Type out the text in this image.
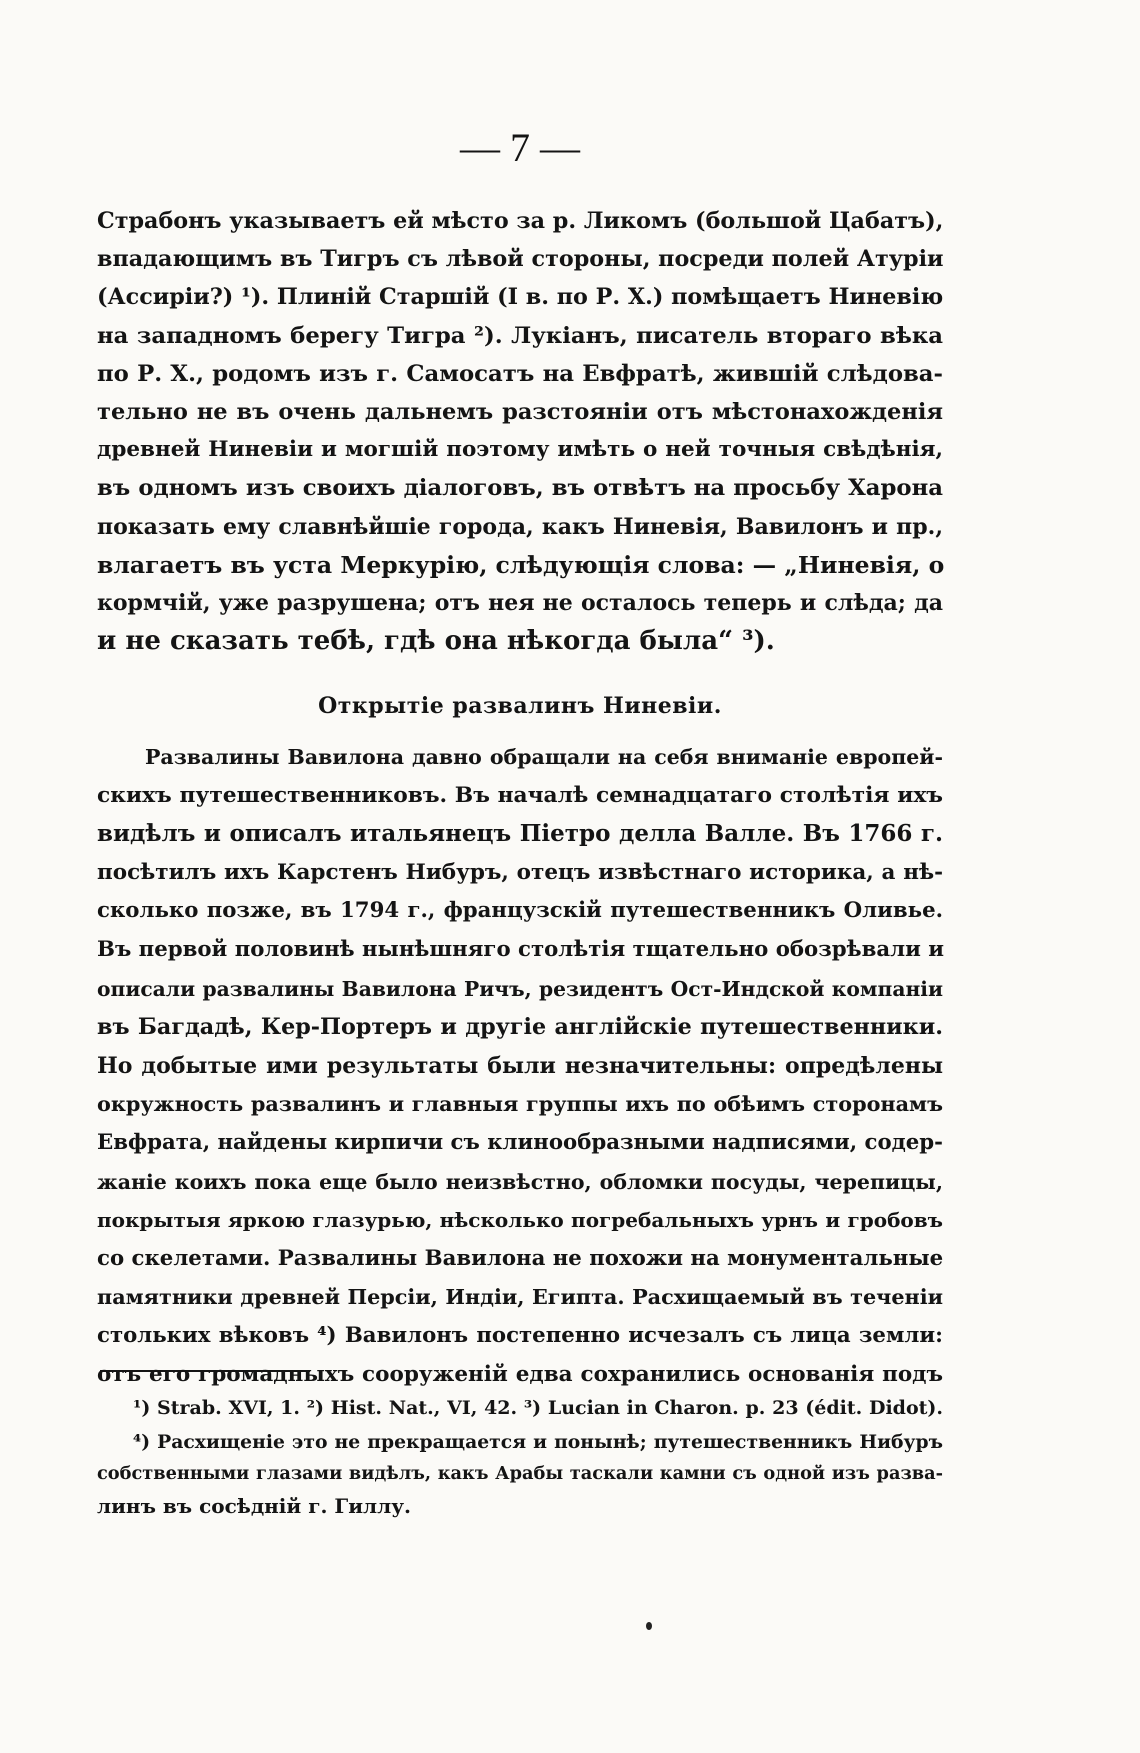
— 7 —
Страбонъ указываетъ ей мѣсто за р. Ликомъ (большой Цабатъ),
впадающимъ въ Тигръ съ лѣвой стороны, посреди полей Атуріи
(Ассиріи?) ¹). Плиній Старшій (I в. по Р. Х.) помѣщаетъ Ниневію
на западномъ берегу Тигра ²). Лукіанъ, писатель втораго вѣка
по Р. Х., родомъ изъ г. Самосатъ на Евфратѣ, жившій слѣдова-
тельно не въ очень дальнемъ разстояніи отъ мѣстонахожденія
древней Ниневіи и могшій поэтому имѣть о ней точныя свѣдѣнія,
въ одномъ изъ своихъ діалоговъ, въ отвѣтъ на просьбу Харона
показать ему славнѣйшіе города, какъ Ниневія, Вавилонъ и пр.,
влагаетъ въ уста Меркурію, слѣдующія слова: — „Ниневія, о
кормчій, уже разрушена; отъ нея не осталось теперь и слѣда; да
и не сказать тебѣ, гдѣ она нѣкогда была“ ³).
Открытіе развалинъ Ниневіи.
Развалины Вавилона давно обращали на себя вниманіе европей-
скихъ путешественниковъ. Въ началѣ семнадцатаго столѣтія ихъ
видѣлъ и описалъ итальянецъ Піетро делла Валле. Въ 1766 г.
посѣтилъ ихъ Карстенъ Нибуръ, отецъ извѣстнаго историка, а нѣ-
сколько позже, въ 1794 г., французскій путешественникъ Оливье.
Въ первой половинѣ нынѣшняго столѣтія тщательно обозрѣвали и
описали развалины Вавилона Ричъ, резидентъ Ост-Индской компаніи
въ Багдадѣ, Кер-Портеръ и другіе англійскіе путешественники.
Но добытые ими результаты были незначительны: опредѣлены
окружность развалинъ и главныя группы ихъ по обѣимъ сторонамъ
Евфрата, найдены кирпичи съ клинообразными надписями, содер-
жаніе коихъ пока еще было неизвѣстно, обломки посуды, черепицы,
покрытыя яркою глазурью, нѣсколько погребальныхъ урнъ и гробовъ
со скелетами. Развалины Вавилона не похожи на монументальные
памятники древней Персіи, Индіи, Египта. Расхищаемый въ теченіи
стольких вѣковъ ⁴) Вавилонъ постепенно исчезалъ съ лица земли:
отъ его громадныхъ сооруженій едва сохранились основанія подъ
¹) Strab. XVI, 1. ²) Hist. Nat., VI, 42. ³) Lucian in Charon. p. 23 (édit. Didot).
⁴) Расхищеніе это не прекращается и понынѣ; путешественникъ Нибуръ
собственными глазами видѣлъ, какъ Арабы таскали камни съ одной изъ развa-
линъ въ сосѣдній г. Гиллу.
